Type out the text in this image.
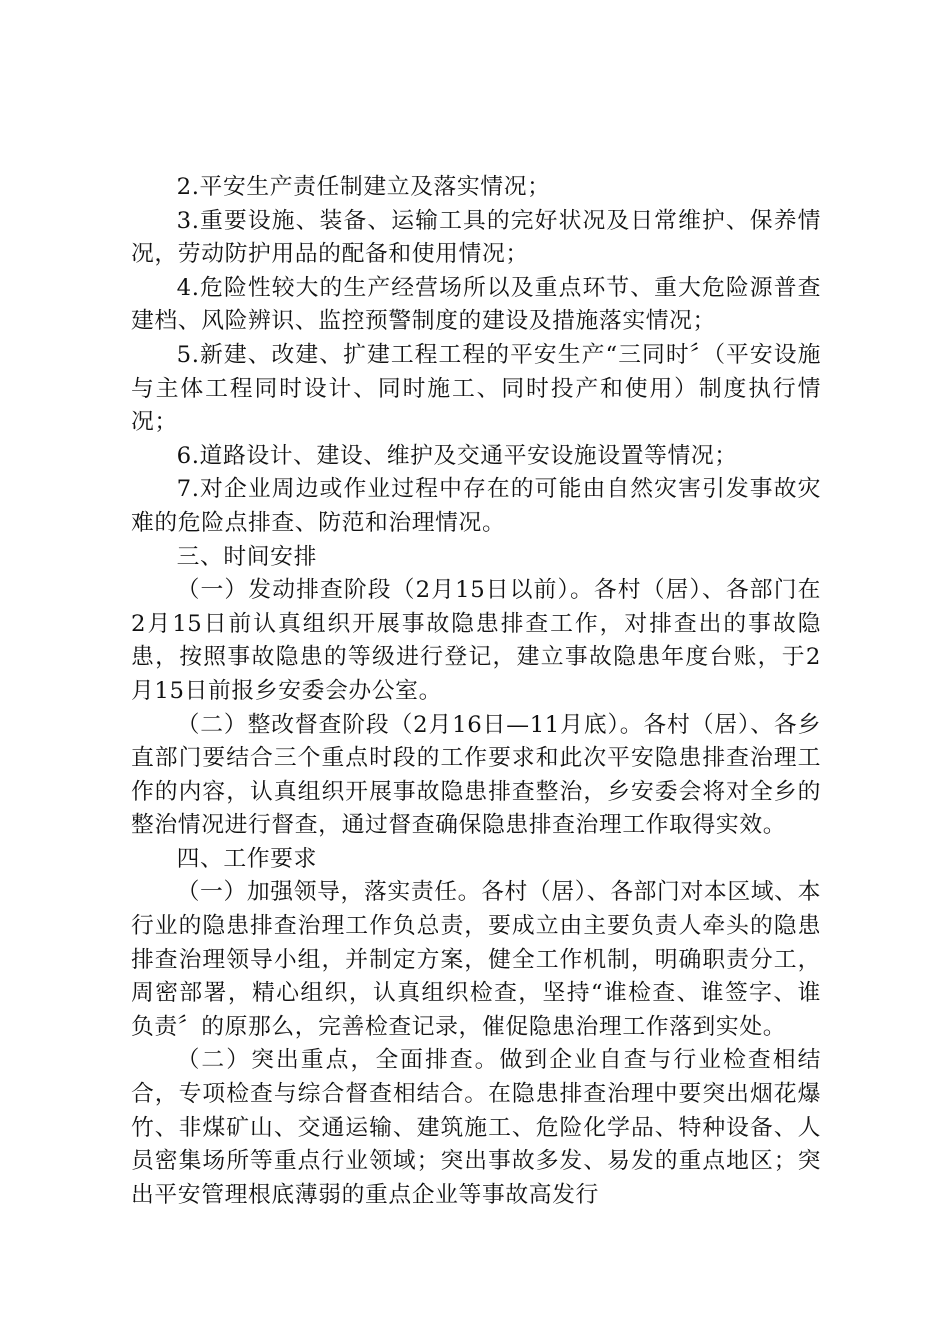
2.平安生产责任制建立及落实情况；

3.重要设施、装备、运输工具的完好状况及日常维护、保养情况，劳动防护用品的配备和使用情况；

4.危险性较大的生产经营场所以及重点环节、重大危险源普查建档、风险辨识、监控预警制度的建设及措施落实情况；

5.新建、改建、扩建工程工程的平安生产“三同时〞（平安设施与主体工程同时设计、同时施工、同时投产和使用）制度执行情况；

6.道路设计、建设、维护及交通平安设施设置等情况；

7.对企业周边或作业过程中存在的可能由自然灾害引发事故灾难的危险点排查、防范和治理情况。

三、时间安排

（一）发动排查阶段（2月15日以前）。各村（居）、各部门在2月15日前认真组织开展事故隐患排查工作，对排查出的事故隐患，按照事故隐患的等级进行登记，建立事故隐患年度台账，于2月15日前报乡安委会办公室。

（二）整改督查阶段（2月16日—11月底）。各村（居）、各乡直部门要结合三个重点时段的工作要求和此次平安隐患排查治理工作的内容，认真组织开展事故隐患排查整治，乡安委会将对全乡的整治情况进行督查，通过督查确保隐患排查治理工作取得实效。

四、工作要求

（一）加强领导，落实责任。各村（居）、各部门对本区域、本行业的隐患排查治理工作负总责，要成立由主要负责人牵头的隐患排查治理领导小组，并制定方案，健全工作机制，明确职责分工，周密部署，精心组织，认真组织检查，坚持“谁检查、谁签字、谁负责〞的原那么，完善检查记录，催促隐患治理工作落到实处。

（二）突出重点，全面排查。做到企业自查与行业检查相结合，专项检查与综合督查相结合。在隐患排查治理中要突出烟花爆竹、非煤矿山、交通运输、建筑施工、危险化学品、特种设备、人员密集场所等重点行业领域；突出事故多发、易发的重点地区；突出平安管理根底薄弱的重点企业等事故高发行
